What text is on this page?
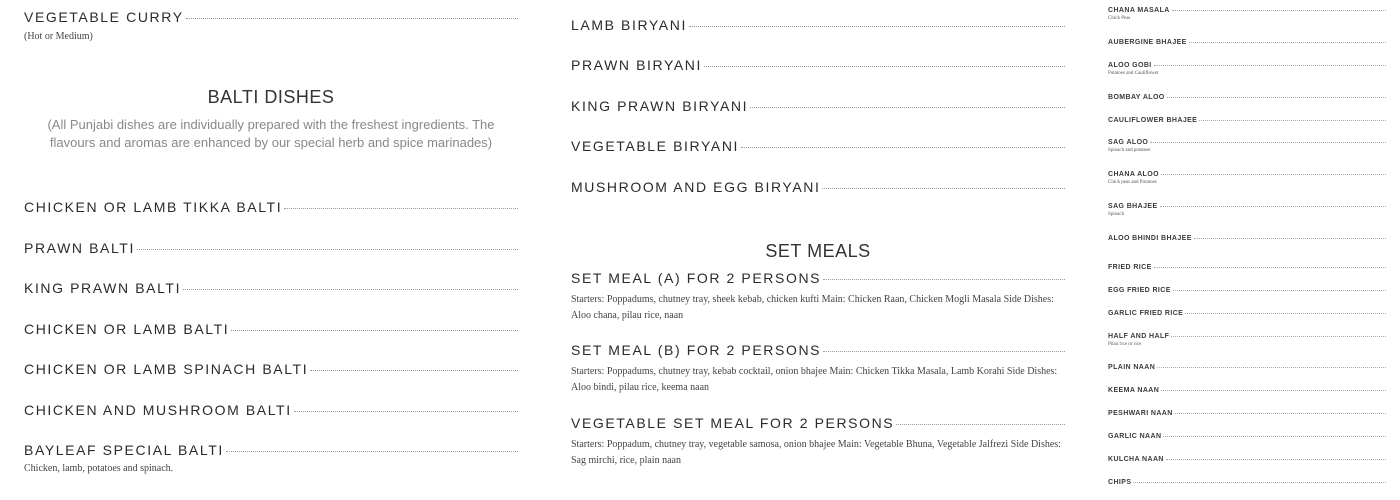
VEGETABLE CURRY
(Hot or Medium)
BALTI DISHES
(All Punjabi dishes are individually prepared with the freshest ingredients. The flavours and aromas are enhanced by our special herb and spice marinades)
CHICKEN OR LAMB TIKKA BALTI
PRAWN BALTI
KING PRAWN BALTI
CHICKEN OR LAMB BALTI
CHICKEN OR LAMB SPINACH BALTI
CHICKEN AND MUSHROOM BALTI
BAYLEAF SPECIAL BALTI
Chicken, lamb, potatoes and spinach.
LAMB BIRYANI
PRAWN BIRYANI
KING PRAWN BIRYANI
VEGETABLE BIRYANI
MUSHROOM AND EGG BIRYANI
SET MEALS
SET MEAL (A) FOR 2 PERSONS
Starters: Poppadums, chutney tray, sheek kebab, chicken kufti Main: Chicken Raan, Chicken Mogli Masala Side Dishes: Aloo chana, pilau rice, naan
SET MEAL (B) FOR 2 PERSONS
Starters: Poppadums, chutney tray, kebab cocktail, onion bhajee Main: Chicken Tikka Masala, Lamb Korahi Side Dishes: Aloo bindi, pilau rice, keema naan
VEGETABLE SET MEAL FOR 2 PERSONS
Starters: Poppadum, chutney tray, vegetable samosa, onion bhajee Main: Vegetable Bhuna, Vegetable Jalfrezi Side Dishes: Sag mirchi, rice, plain naan
CHANA MASALA
Chick Peas
AUBERGINE BHAJEE
ALOO GOBI
Potatoes and Cauliflower
BOMBAY ALOO
CAULIFLOWER BHAJEE
SAG ALOO
Spinach and potatoes
CHANA ALOO
Chick peas and Potatoes
SAG BHAJEE
Spinach
ALOO BHINDI BHAJEE
FRIED RICE
EGG FRIED RICE
GARLIC FRIED RICE
HALF AND HALF
Pilau rice or rice
PLAIN NAAN
KEEMA NAAN
PESHWARI NAAN
GARLIC NAAN
KULCHA NAAN
CHIPS
